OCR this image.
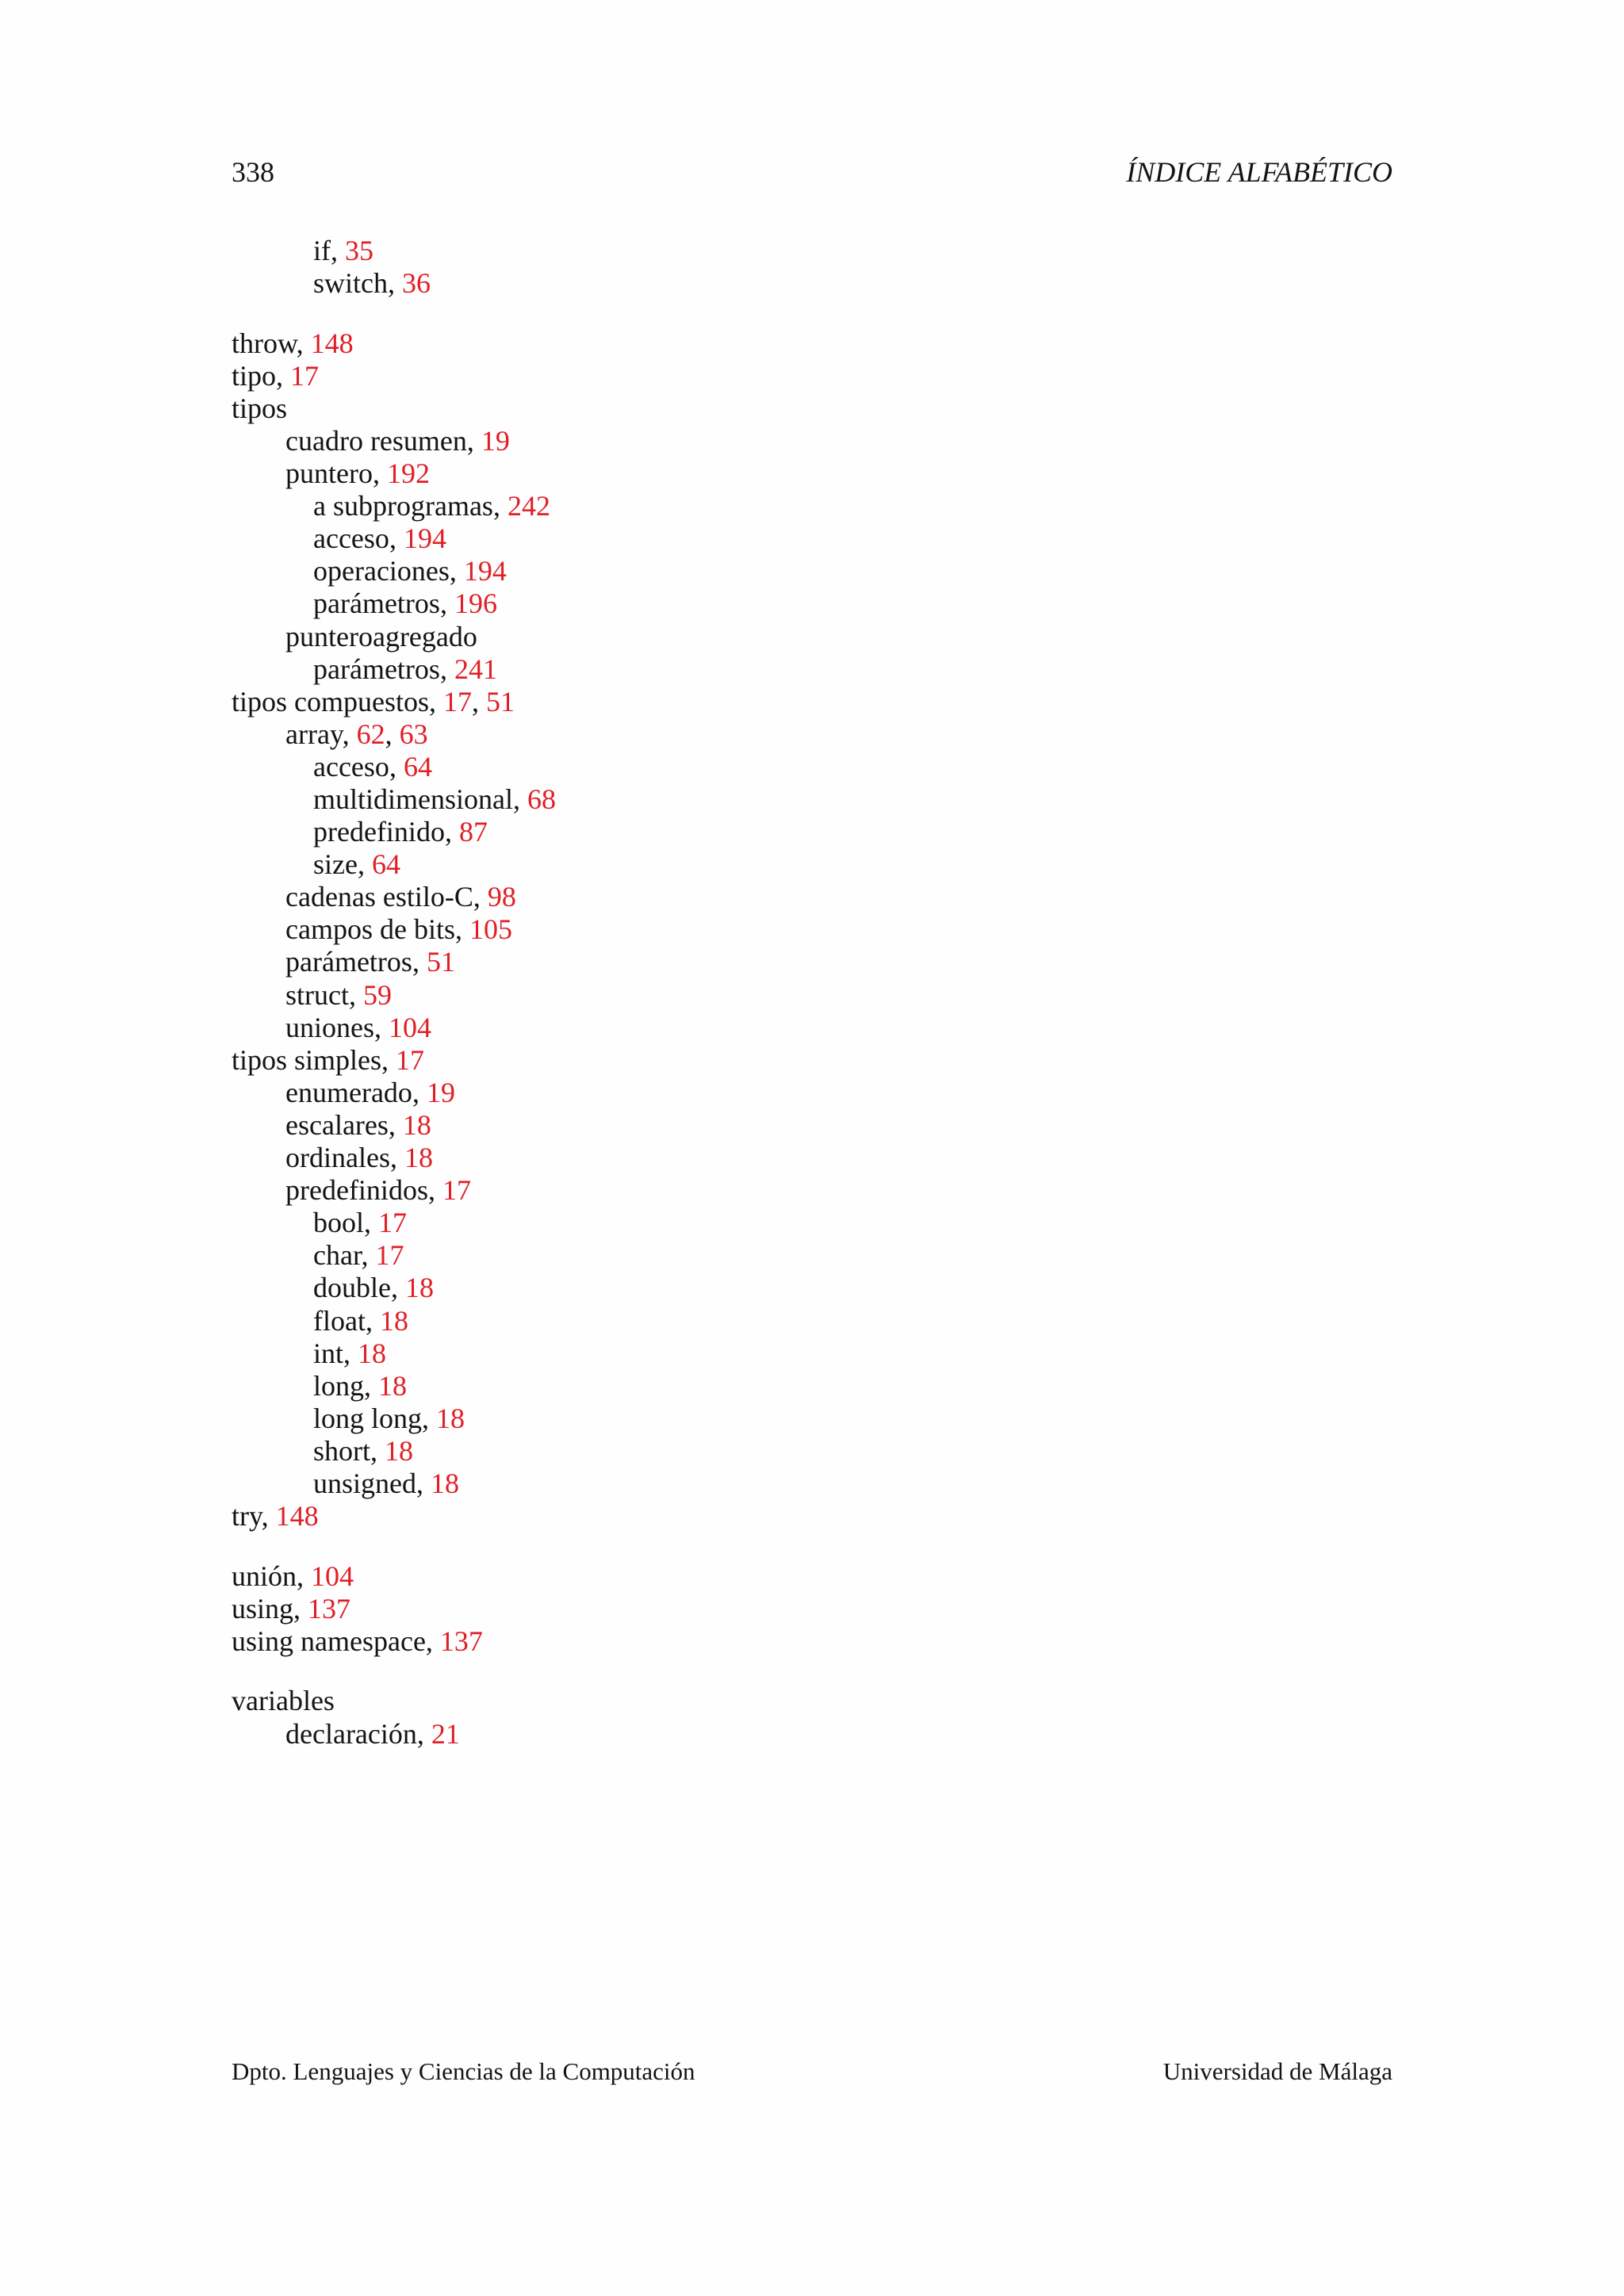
338	ÍNDICE ALFABÉTICO
if, 35
switch, 36
throw, 148
tipo, 17
tipos
cuadro resumen, 19
puntero, 192
a subprogramas, 242
acceso, 194
operaciones, 194
parámetros, 196
punteroagregado
parámetros, 241
tipos compuestos, 17, 51
array, 62, 63
acceso, 64
multidimensional, 68
predefinido, 87
size, 64
cadenas estilo-C, 98
campos de bits, 105
parámetros, 51
struct, 59
uniones, 104
tipos simples, 17
enumerado, 19
escalares, 18
ordinales, 18
predefinidos, 17
bool, 17
char, 17
double, 18
float, 18
int, 18
long, 18
long long, 18
short, 18
unsigned, 18
try, 148
unión, 104
using, 137
using namespace, 137
variables
declaración, 21
Dpto. Lenguajes y Ciencias de la Computación	Universidad de Málaga
